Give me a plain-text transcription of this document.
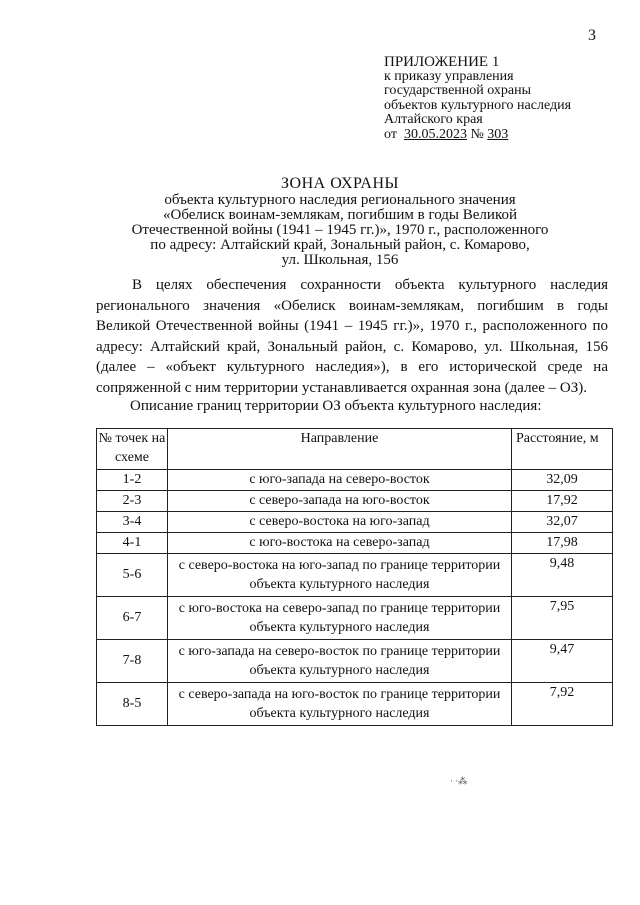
3
ПРИЛОЖЕНИЕ 1
к приказу управления
государственной охраны
объектов культурного наследия
Алтайского края
от 30.05.2023 № 303
ЗОНА ОХРАНЫ
объекта культурного наследия регионального значения
«Обелиск воинам-землякам, погибшим в годы Великой
Отечественной войны (1941 – 1945 гг.)», 1970 г., расположенного
по адресу: Алтайский край, Зональный район, с. Комарово,
ул. Школьная, 156

В целях обеспечения сохранности объекта культурного наследия регионального значения «Обелиск воинам-землякам, погибшим в годы Великой Отечественной войны (1941 – 1945 гг.)», 1970 г., расположенного по адресу: Алтайский край, Зональный район, с. Комарово, ул. Школьная, 156 (далее – «объект культурного наследия»), в его исторической среде на сопряженной с ним территории устанавливается охранная зона (далее – ОЗ).

Описание границ территории ОЗ объекта культурного наследия:
№ точек на схеме	Направление	Расстояние, м
1-2	с юго-запада на северо-восток	32,09
2-3	с северо-запада на юго-восток	17,92
3-4	с северо-востока на юго-запад	32,07
4-1	с юго-востока на северо-запад	17,98
5-6	с северо-востока на юго-запад по границе территории объекта культурного наследия	9,48
6-7	с юго-востока на северо-запад по границе территории объекта культурного наследия	7,95
7-8	с юго-запада на северо-восток по границе территории объекта культурного наследия	9,47
8-5	с северо-запада на юго-восток по границе территории объекта культурного наследия	7,92
· ·⁂
